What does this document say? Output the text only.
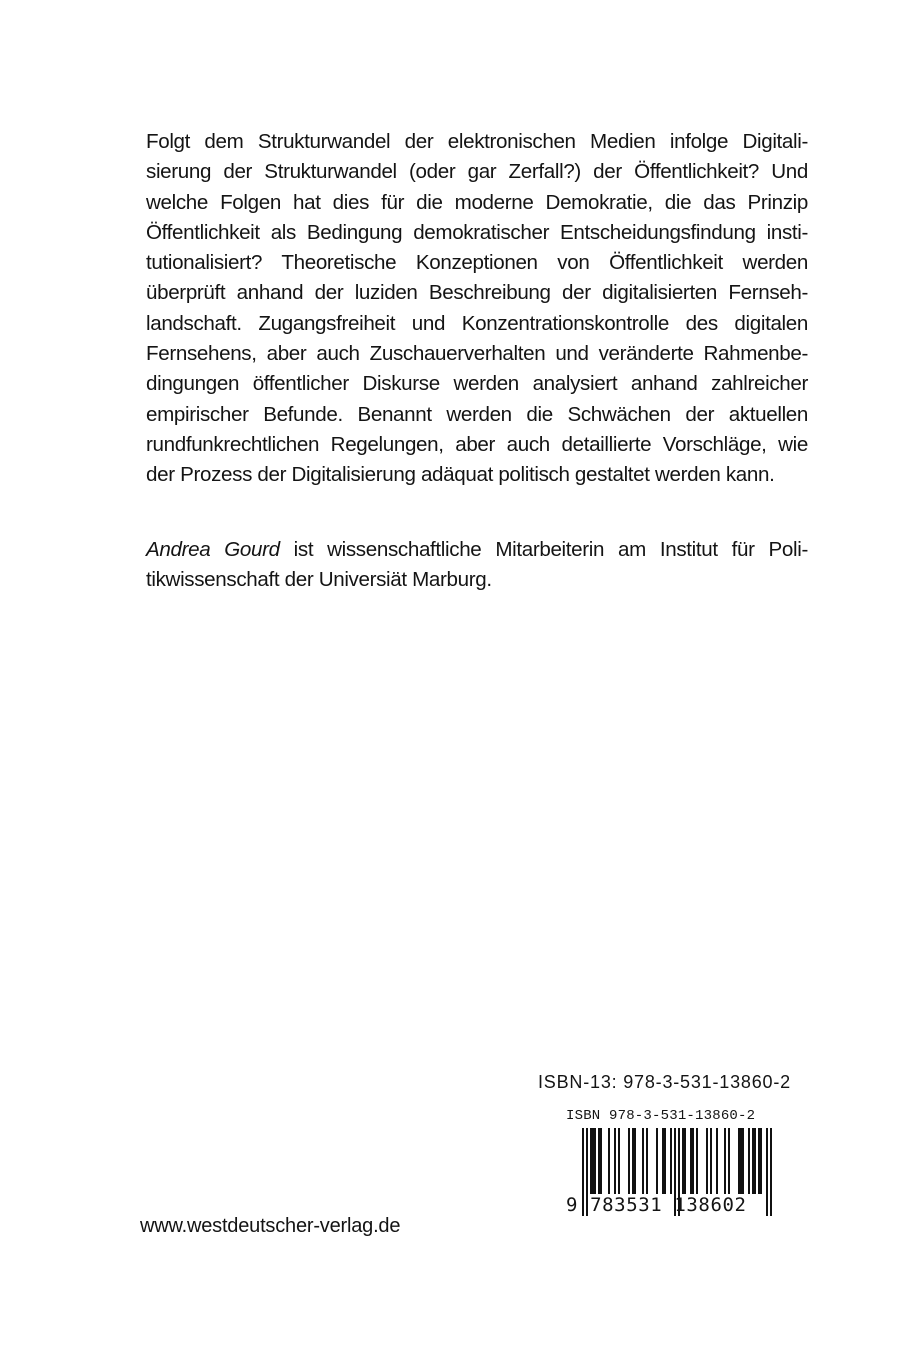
Folgt dem Strukturwandel der elektronischen Medien infolge Digitali-
sierung der Strukturwandel (oder gar Zerfall?) der Öffentlichkeit? Und
welche Folgen hat dies für die moderne Demokratie, die das Prinzip
Öffentlichkeit als Bedingung demokratischer Entscheidungsfindung insti-
tutionalisiert? Theoretische Konzeptionen von Öffentlichkeit werden
überprüft anhand der luziden Beschreibung der digitalisierten Fernseh-
landschaft. Zugangsfreiheit und Konzentrationskontrolle des digitalen
Fernsehens, aber auch Zuschauerverhalten und veränderte Rahmenbe-
dingungen öffentlicher Diskurse werden analysiert anhand zahlreicher
empirischer Befunde. Benannt werden die Schwächen der aktuellen
rundfunkrechtlichen Regelungen, aber auch detaillierte Vorschläge, wie
der Prozess der Digitalisierung adäquat politisch gestaltet werden kann.
Andrea Gourd ist wissenschaftliche Mitarbeiterin am Institut für Poli-
tikwissenschaft der Universiät Marburg.
ISBN-13: 978-3-531-13860-2
ISBN 978-3-531-13860-2
9 783531 138602
www.westdeutscher-verlag.de
